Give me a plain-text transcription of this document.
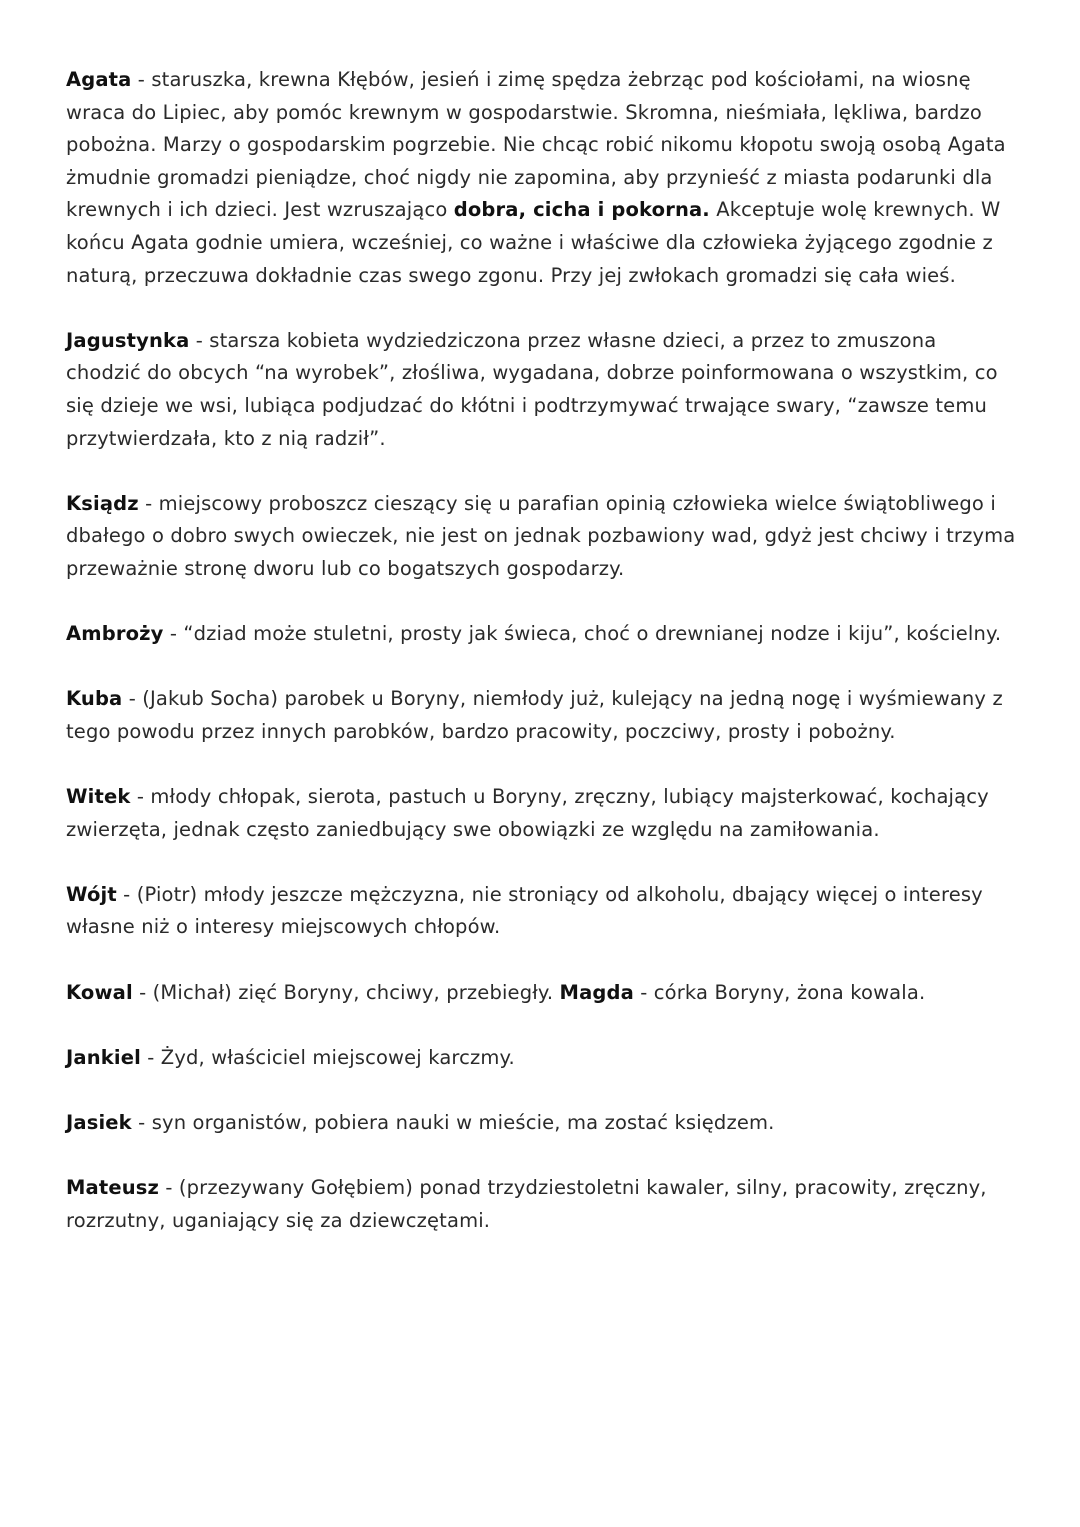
Agata - staruszka, krewna Kłębów, jesień i zimę spędza żebrząc pod kościołami, na wiosnę wraca do Lipiec, aby pomóc krewnym w gospodarstwie. Skromna, nieśmiała, lękliwa, bardzo pobożna. Marzy o gospodarskim pogrzebie. Nie chcąc robić nikomu kłopotu swoją osobą Agata żmudnie gromadzi pieniądze, choć nigdy nie zapomina, aby przynieść z miasta podarunki dla krewnych i ich dzieci. Jest wzruszająco dobra, cicha i pokorna. Akceptuje wolę krewnych. W końcu Agata godnie umiera, wcześniej, co ważne i właściwe dla człowieka żyjącego zgodnie z naturą, przeczuwa dokładnie czas swego zgonu. Przy jej zwłokach gromadzi się cała wieś.

Jagustynka - starsza kobieta wydziedziczona przez własne dzieci, a przez to zmuszona chodzić do obcych “na wyrobek”, złośliwa, wygadana, dobrze poinformowana o wszystkim, co się dzieje we wsi, lubiąca podjudzać do kłótni i podtrzymywać trwające swary, “zawsze temu przytwierdzała, kto z nią radził”.

Ksiądz - miejscowy proboszcz cieszący się u parafian opinią człowieka wielce świątobliwego i dbałego o dobro swych owieczek, nie jest on jednak pozbawiony wad, gdyż jest chciwy i trzyma przeważnie stronę dworu lub co bogatszych gospodarzy.

Ambroży - “dziad może stuletni, prosty jak świeca, choć o drewnianej nodze i kiju”, kościelny.

Kuba - (Jakub Socha) parobek u Boryny, niemłody już, kulejący na jedną nogę i wyśmiewany z tego powodu przez innych parobków, bardzo pracowity, poczciwy, prosty i pobożny.

Witek - młody chłopak, sierota, pastuch u Boryny, zręczny, lubiący majsterkować, kochający zwierzęta, jednak często zaniedbujący swe obowiązki ze względu na zamiłowania.

Wójt - (Piotr) młody jeszcze mężczyzna, nie stroniący od alkoholu, dbający więcej o interesy własne niż o interesy miejscowych chłopów.

Kowal - (Michał) zięć Boryny, chciwy, przebiegły. Magda - córka Boryny, żona kowala.

Jankiel - Żyd, właściciel miejscowej karczmy.

Jasiek - syn organistów, pobiera nauki w mieście, ma zostać księdzem.

Mateusz - (przezywany Gołębiem) ponad trzydziestoletni kawaler, silny, pracowity, zręczny, rozrzutny, uganiający się za dziewczętami.
